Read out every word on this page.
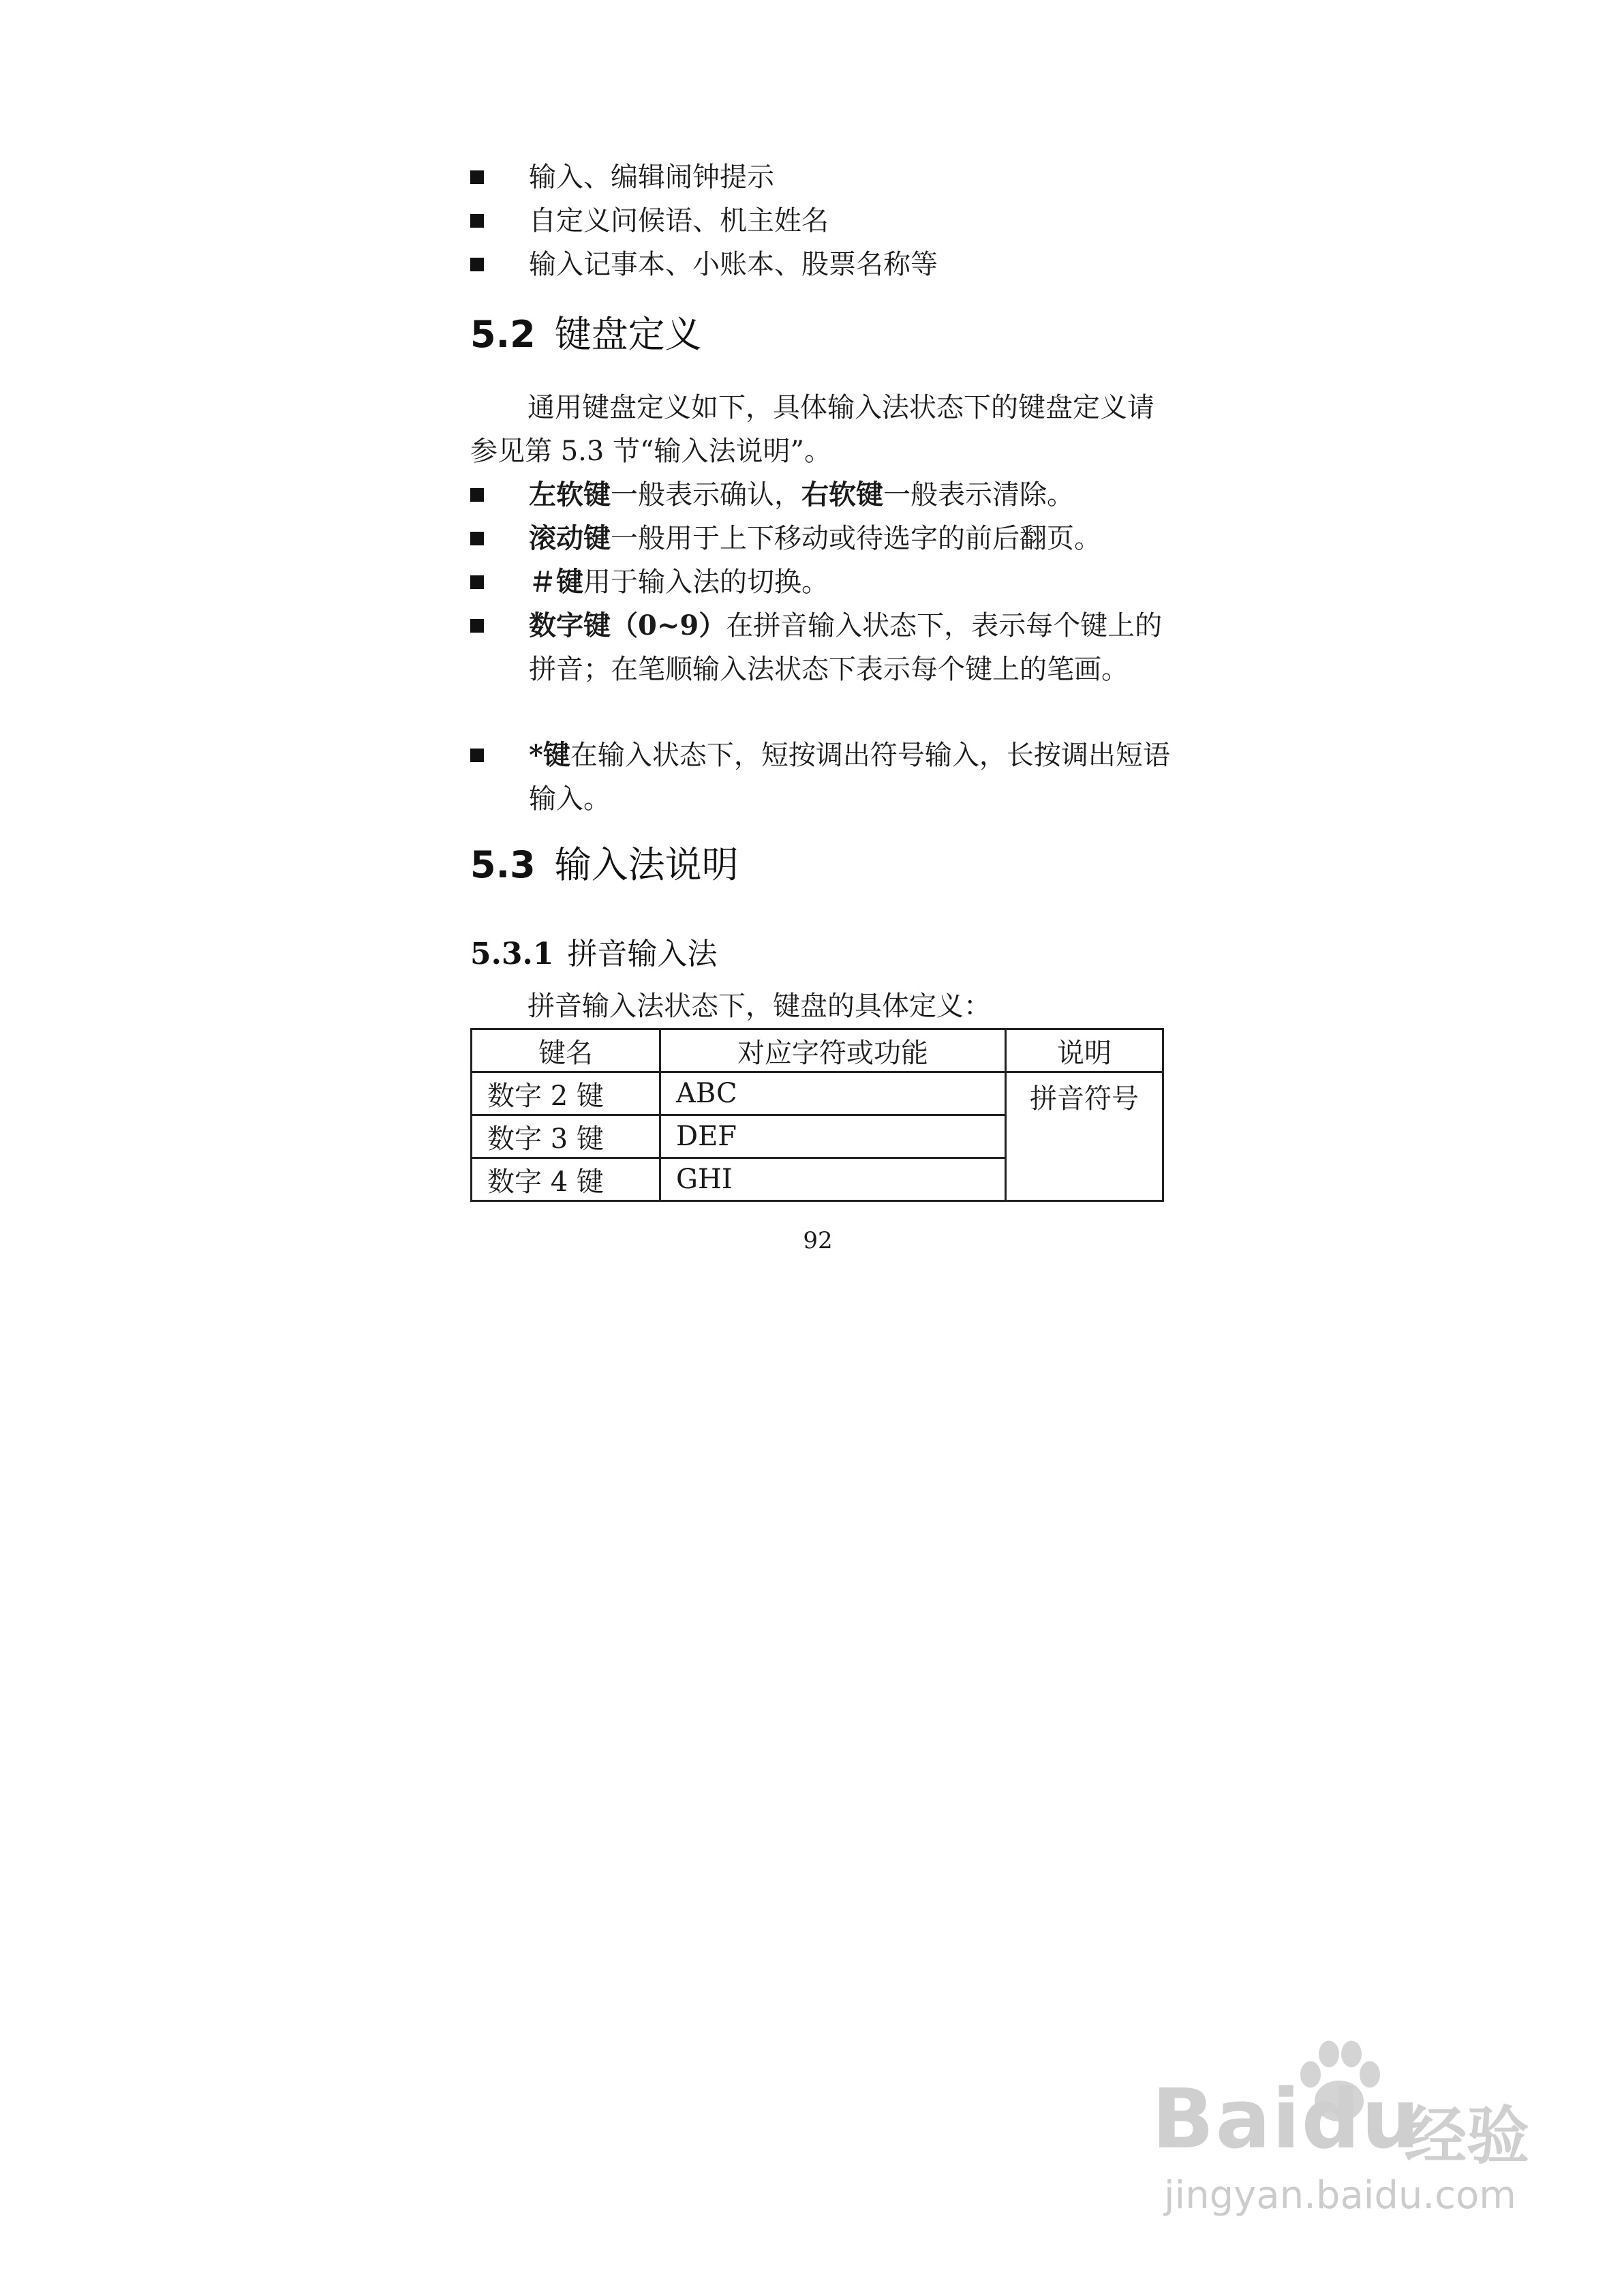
输入、编辑闹钟提示
自定义问候语、机主姓名
输入记事本、小账本、股票名称等
5.2 键盘定义
通用键盘定义如下，具体输入法状态下的键盘定义请参见第 5.3 节“输入法说明”。
左软键一般表示确认，右软键一般表示清除。
滚动键一般用于上下移动或待选字的前后翻页。
＃键用于输入法的切换。
数字键（0~9）在拼音输入状态下，表示每个键上的拼音；在笔顺输入法状态下表示每个键上的笔画。
*键在输入状态下，短按调出符号输入，长按调出短语输入。
5.3 输入法说明
5.3.1 拼音输入法
拼音输入法状态下，键盘的具体定义：
键名	对应字符或功能	说明
数字 2 键	ABC	拼音符号
数字 3 键	DEF	
数字 4 键	GHI	
92
Baidu
经验
jingyan.baidu.com
